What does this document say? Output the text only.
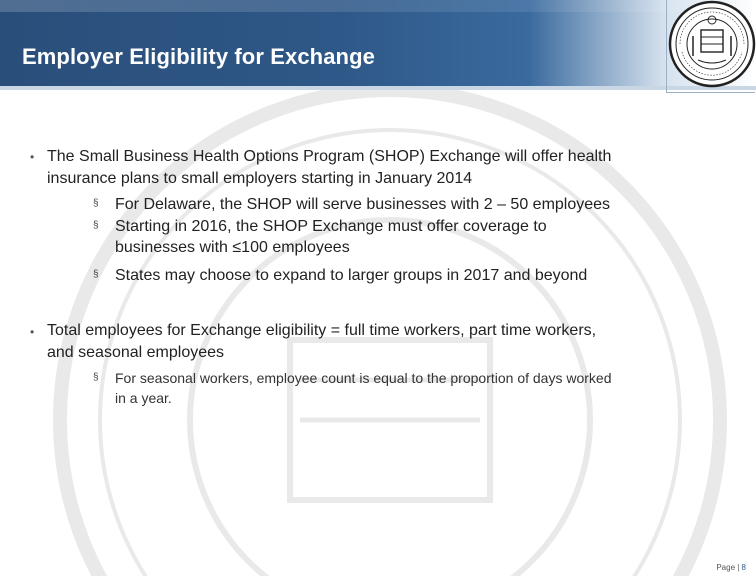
Employer Eligibility for Exchange
• The Small Business Health Options Program (SHOP) Exchange will offer health
insurance plans to small employers starting in January 2014
§ For Delaware, the SHOP will serve businesses with 2 – 50 employees
§ Starting in 2016, the SHOP Exchange must offer coverage to
businesses with ≤100 employees
§ States may choose to expand to larger groups in 2017 and beyond
• Total employees for Exchange eligibility = full time workers, part time workers,
and seasonal employees
§ For seasonal workers, employee count is equal to the proportion of days worked
in a year.
Page | 8
